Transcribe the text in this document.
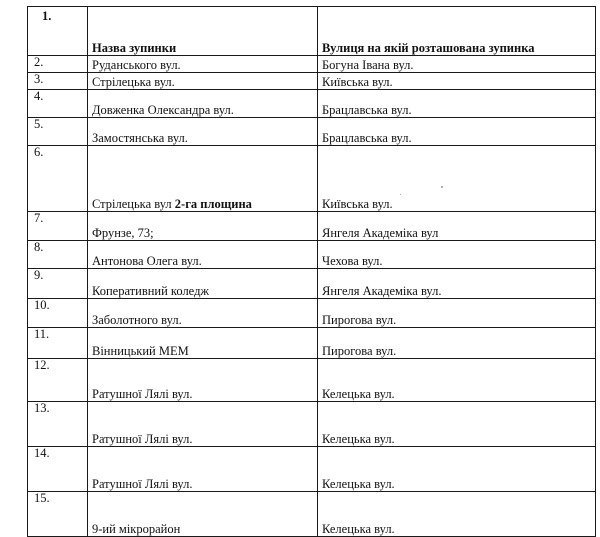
1.	Назва зупинки	Вулиця на якій розташована зупинка
2.	Руданського вул.	Богуна Івана вул.
3.	Стрілецька вул.	Київська вул.
4.	Довженка Олександра вул.	Брацлавська вул.
5.	Замостянська вул.	Брацлавська вул.
6.	Стрілецька вул 2-га площина	Київська вул.
7.	Фрунзе, 73;	Янгеля Академіка вул
8.	Антонова Олега вул.	Чехова вул.
9.	Копеpативний коледж	Янгеля Академіка вул.
10.	Заболотного вул.	Пирогова вул.
11.	Вінницький МЕМ	Пирогова вул.
12.	Ратушної Лялі вул.	Келецька вул.
13.	Ратушної Лялі вул.	Келецька вул.
14.	Ратушної Лялі вул.	Келецька вул.
15.	9-ий мікрорайон	Келецька вул.
